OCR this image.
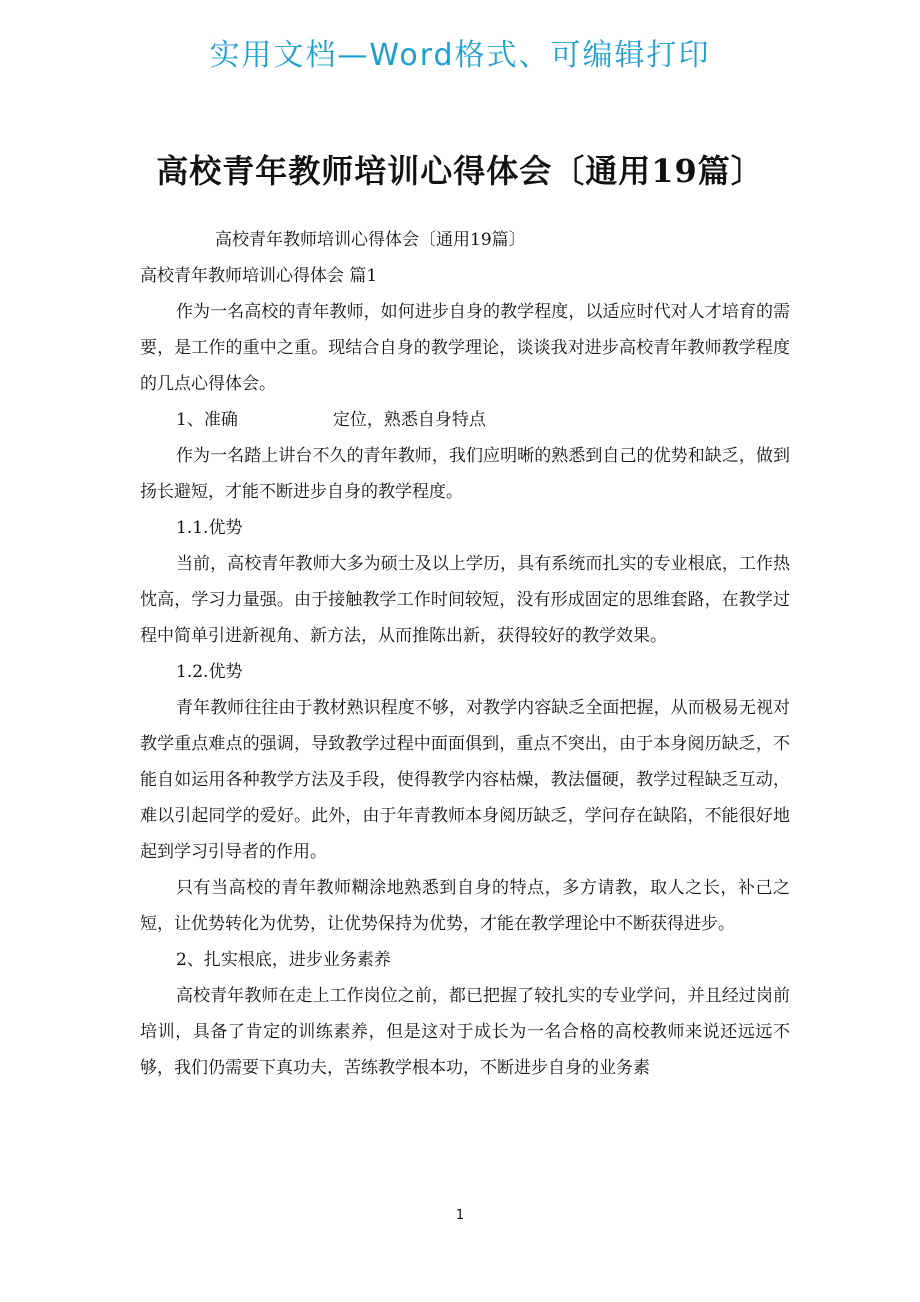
实用文档—Word格式、可编辑打印
高校青年教师培训心得体会〔通用19篇〕
高校青年教师培训心得体会〔通用19篇〕
高校青年教师培训心得体会 篇1

作为一名高校的青年教师，如何进步自身的教学程度，以适应时代对人才培育的需要，是工作的重中之重。现结合自身的教学理论，谈谈我对进步高校青年教师教学程度的几点心得体会。

1、准确	定位，熟悉自身特点

作为一名踏上讲台不久的青年教师，我们应明晰的熟悉到自己的优势和缺乏，做到扬长避短，才能不断进步自身的教学程度。

1.1.优势

当前，高校青年教师大多为硕士及以上学历，具有系统而扎实的专业根底，工作热忱高，学习力量强。由于接触教学工作时间较短，没有形成固定的思维套路，在教学过程中简单引进新视角、新方法，从而推陈出新，获得较好的教学效果。

1.2.优势

青年教师往往由于教材熟识程度不够，对教学内容缺乏全面把握，从而极易无视对教学重点难点的强调，导致教学过程中面面俱到，重点不突出，由于本身阅历缺乏，不能自如运用各种教学方法及手段，使得教学内容枯燥，教法僵硬，教学过程缺乏互动，难以引起同学的爱好。此外，由于年青教师本身阅历缺乏，学问存在缺陷，不能很好地起到学习引导者的作用。

只有当高校的青年教师糊涂地熟悉到自身的特点，多方请教，取人之长，补己之短，让优势转化为优势，让优势保持为优势，才能在教学理论中不断获得进步。

2、扎实根底，进步业务素养

高校青年教师在走上工作岗位之前，都已把握了较扎实的专业学问，并且经过岗前培训，具备了肯定的训练素养，但是这对于成长为一名合格的高校教师来说还远远不够，我们仍需要下真功夫，苦练教学根本功，不断进步自身的业务素

1
